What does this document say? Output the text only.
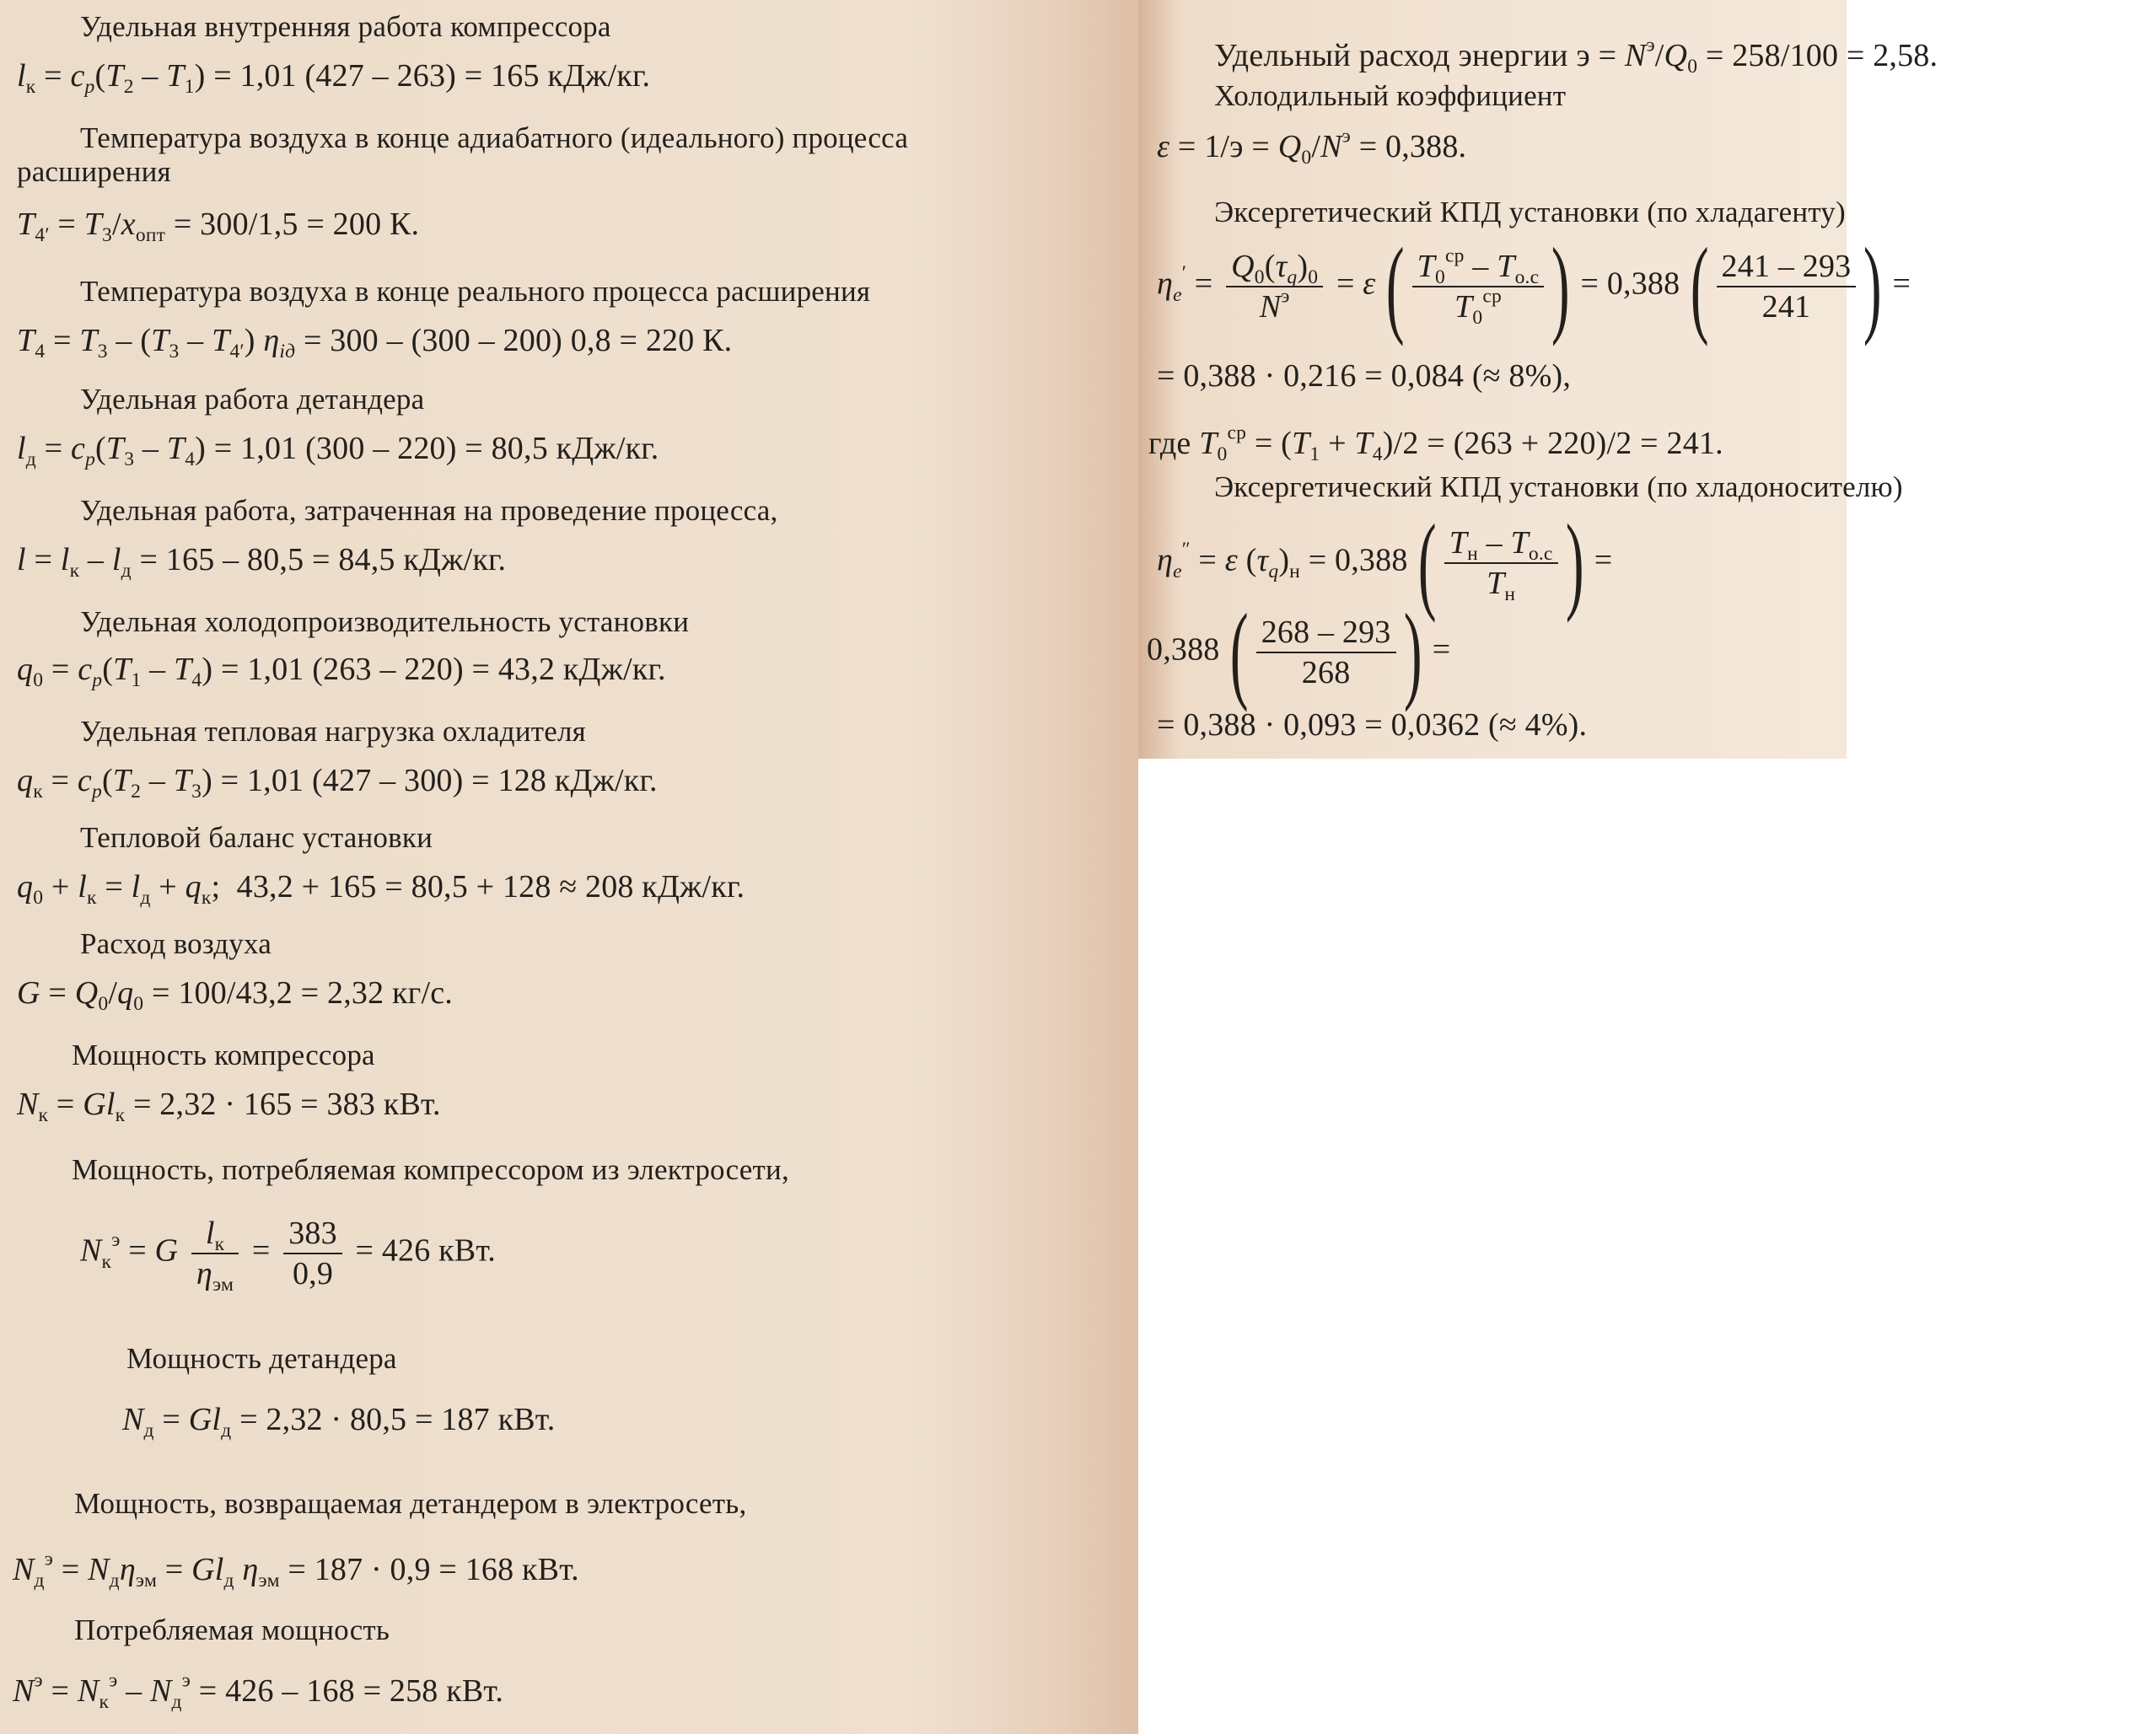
Удельная внутренняя работа компрессора
$l_к = c_p(T_2 - T_1) = 1,01$ (427 – 263) = 165 кДж/кг.
Температура воздуха в конце адиабатного (идеального) процесса
расширения
$T_{4'} = T_3/x_{опт} = 300/1,5 = 200$ К.
Температура воздуха в конце реального процесса расширения
$T_4 = T_3 - (T_3 - T_{4'}) \eta_{iд} = 300 - (300 - 200) 0,8 = 220$ К.
Удельная работа детандера
$l_д = c_p(T_3 - T_4) = 1,01$ (300 – 220) = 80,5 кДж/кг.
Удельная работа, затраченная на проведение процесса,
$l = l_к - l_д = 165 - 80,5 = 84,5$ кДж/кг.
Удельная холодопроизводительность установки
$q_0 = c_p(T_1 - T_4) = 1,01$ (263 – 220) = 43,2 кДж/кг.
Удельная тепловая нагрузка охладителя
$q_к = c_p(T_2 - T_3) = 1,01$ (427 – 300) = 128 кДж/кг.
Тепловой баланс установки
$q_0 + l_к = l_д + q_к$;  43,2 + 165 = 80,5 + 128 ≈ 208 кДж/кг.
Расход воздуха
$G = Q_0/q_0 = 100/43,2 = 2,32$ кг/с.
Мощность компрессора
$N_к = Gl_к = 2,32 \cdot 165 = 383$ кВт.
Мощность, потребляемая компрессором из электросети,
$N_к^э = G \frac{l_к}{\eta_{эм}} = \frac{383}{0,9} = 426$ кВт.
Мощность детандера
$N_д = Gl_д = 2,32 \cdot 80,5 = 187$ кВт.
Мощность, возвращаемая детандером в электросеть,
$N_д^э = N_д\eta_{эм} = Gl_д$ $\eta_{эм} = 187 \cdot 0,9 = 168$ кВт.
Потребляемая мощность
$N^э = N_к^э - N_д^э = 426 - 168 = 258$ кВт.
Удельный расход энергии $э = N^э/Q_0 = 258/100 = 2,58$.
Холодильный коэффициент
$\varepsilon = 1/э = Q_0/N^э = 0,388$.
Эксергетический КПД установки (по хладагенту)
$\eta_e' = \frac{Q_0(\tau_q)_0}{N^э} = \varepsilon$ ( $\frac{T_0^{ср} - T_{о.с}}{T_0^{ср}}$ ) = 0,388 ( $\frac{241 - 293}{241}$ ) =
= 0,388 · 0,216 = 0,084 (≈ 8%),
где $T_0^{ср} = (T_1 + T_4)/2 = (263 + 220)/2 = 241$.
Эксергетический КПД установки (по хладоносителю)
$\eta_e'' = \varepsilon$ $(\tau_q)_н = 0,388$ ( $\frac{T_н - T_{о.с}}{T_н}$ ) =
0,388 ( $\frac{268 - 293}{268}$ ) =
= 0,388 · 0,093 = 0,0362 (≈ 4%).
